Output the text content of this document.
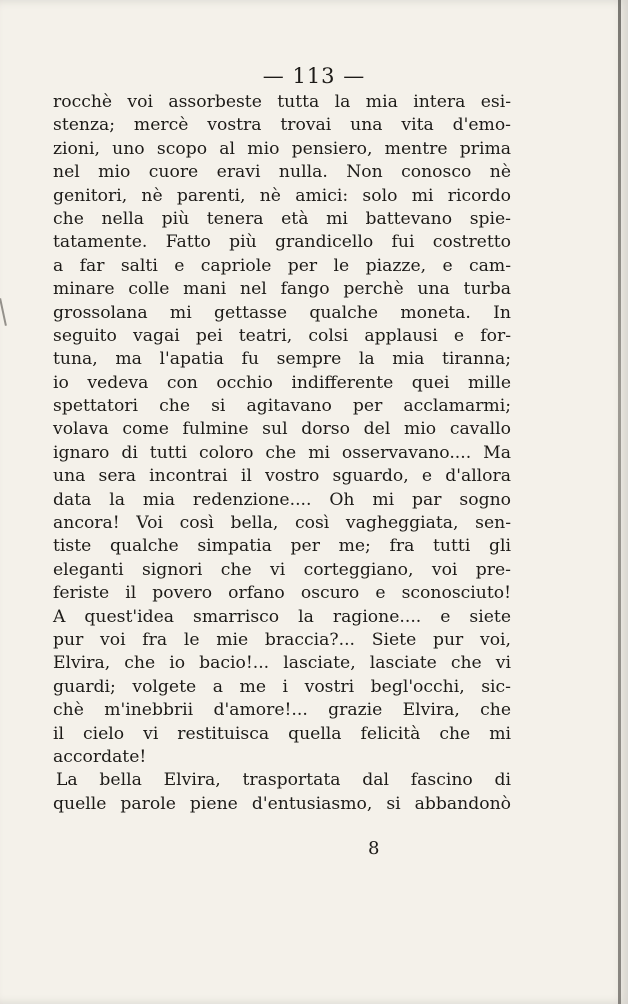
— 113 —
rocchè voi assorbeste tutta la mia intera esi-
stenza; mercè vostra trovai una vita d'emo-
zioni, uno scopo al mio pensiero, mentre prima
nel mio cuore eravi nulla. Non conosco nè
genitori, nè parenti, nè amici: solo mi ricordo
che nella più tenera età mi battevano spie-
tatamente. Fatto più grandicello fui costretto
a far salti e capriole per le piazze, e cam-
minare colle mani nel fango perchè una turba
grossolana mi gettasse qualche moneta. In
seguito vagai pei teatri, colsi applausi e for-
tuna, ma l'apatia fu sempre la mia tiranna;
io vedeva con occhio indifferente quei mille
spettatori che si agitavano per acclamarmi;
volava come fulmine sul dorso del mio cavallo
ignaro di tutti coloro che mi osservavano.... Ma
una sera incontrai il vostro sguardo, e d'allora
data la mia redenzione.... Oh mi par sogno
ancora! Voi così bella, così vagheggiata, sen-
tiste qualche simpatia per me; fra tutti gli
eleganti signori che vi corteggiano, voi pre-
feriste il povero orfano oscuro e sconosciuto!
A quest'idea smarrisco la ragione.... e siete
pur voi fra le mie braccia?... Siete pur voi,
Elvira, che io bacio!... lasciate, lasciate che vi
guardi; volgete a me i vostri begl'occhi, sic-
chè m'inebbrii d'amore!... grazie Elvira, che
il cielo vi restituisca quella felicità che mi
accordate!
La bella Elvira, trasportata dal fascino di
quelle parole piene d'entusiasmo, si abbandonò
8
